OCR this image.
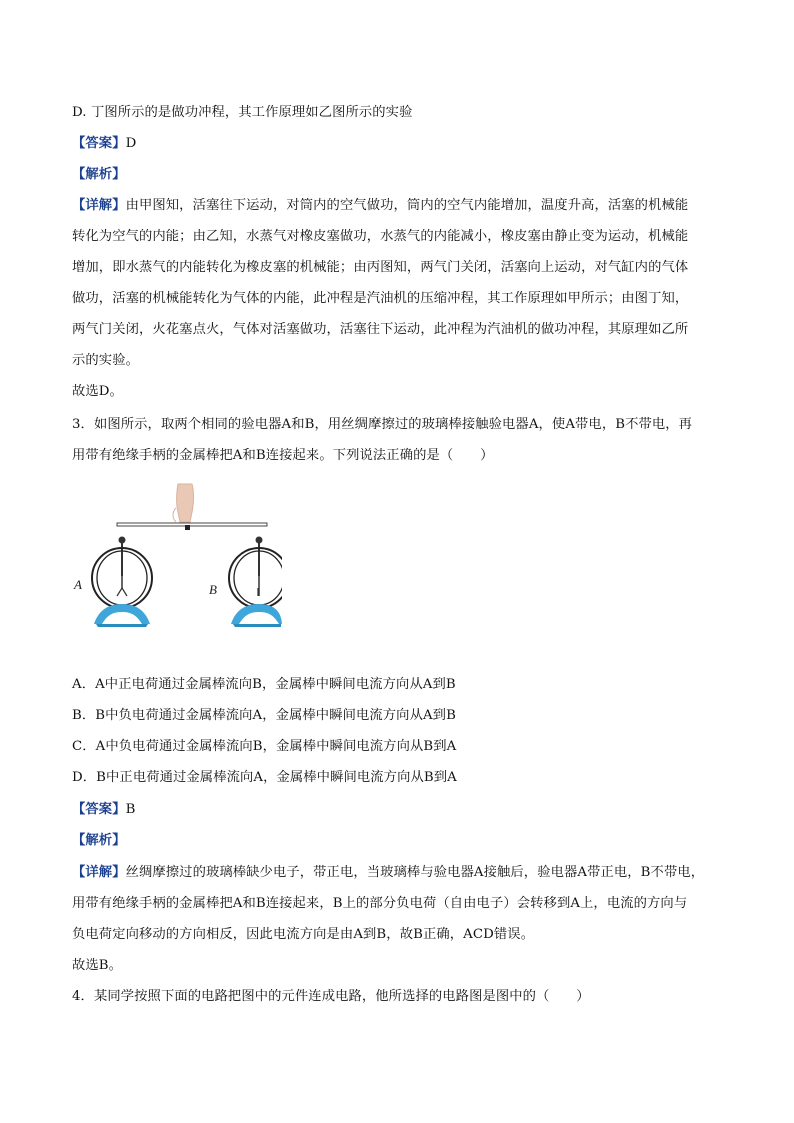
D. 丁图所示的是做功冲程，其工作原理如乙图所示的实验
【答案】D
【解析】
【详解】由甲图知，活塞往下运动，对筒内的空气做功，筒内的空气内能增加，温度升高，活塞的机械能
转化为空气的内能；由乙知，水蒸气对橡皮塞做功，水蒸气的内能减小，橡皮塞由静止变为运动，机械能
增加，即水蒸气的内能转化为橡皮塞的机械能；由丙图知，两气门关闭，活塞向上运动，对气缸内的气体
做功，活塞的机械能转化为气体的内能，此冲程是汽油机的压缩冲程，其工作原理如甲所示；由图丁知，
两气门关闭，火花塞点火，气体对活塞做功，活塞往下运动，此冲程为汽油机的做功冲程，其原理如乙所
示的实验。
故选D。
3．如图所示，取两个相同的验电器A和B，用丝绸摩擦过的玻璃棒接触验电器A，使A带电，B不带电，再
用带有绝缘手柄的金属棒把A和B连接起来。下列说法正确的是（　　）
A	B
A．A中正电荷通过金属棒流向B，金属棒中瞬间电流方向从A到B
B．B中负电荷通过金属棒流向A，金属棒中瞬间电流方向从A到B
C．A中负电荷通过金属棒流向B，金属棒中瞬间电流方向从B到A
D．B中正电荷通过金属棒流向A，金属棒中瞬间电流方向从B到A
【答案】B
【解析】
【详解】丝绸摩擦过的玻璃棒缺少电子，带正电，当玻璃棒与验电器A接触后，验电器A带正电，B不带电，
用带有绝缘手柄的金属棒把A和B连接起来，B上的部分负电荷（自由电子）会转移到A上，电流的方向与
负电荷定向移动的方向相反，因此电流方向是由A到B，故B正确，ACD错误。
故选B。
4．某同学按照下面的电路把图中的元件连成电路，他所选择的电路图是图中的（　　）
